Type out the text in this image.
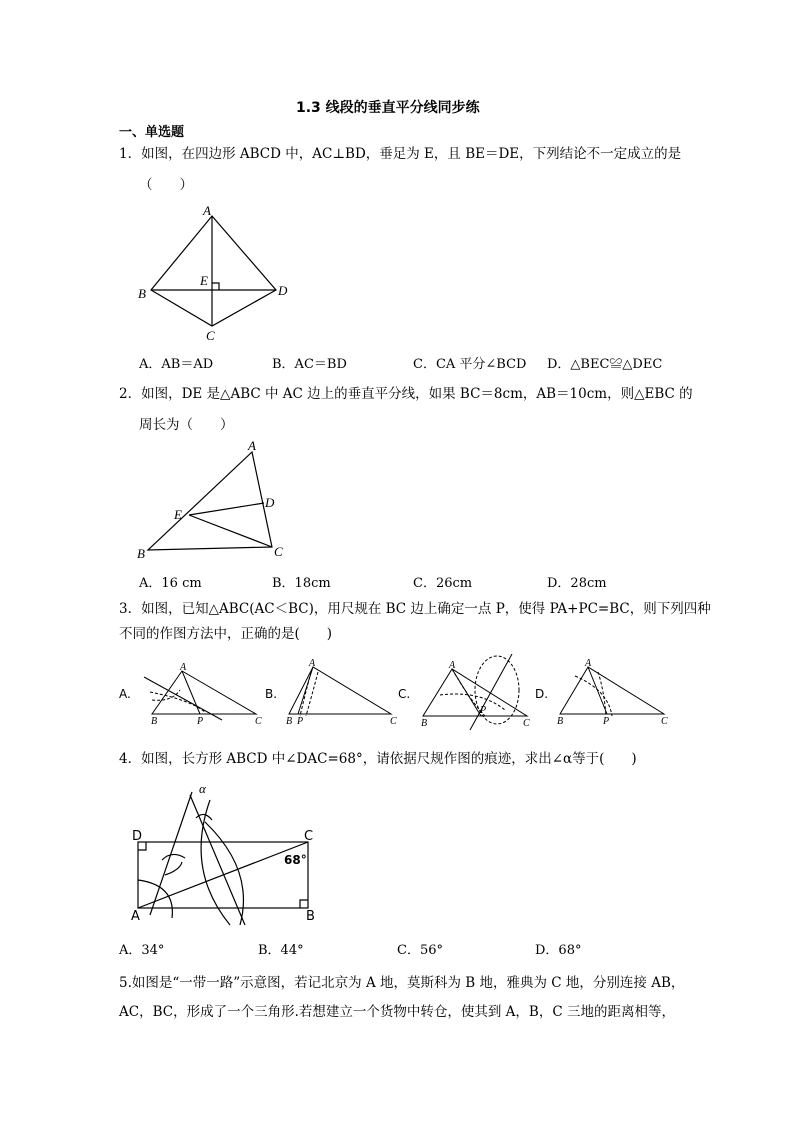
1.3 线段的垂直平分线同步练
一、单选题
1．如图，在四边形 ABCD 中，AC⊥BD，垂足为 E，且 BE＝DE，下列结论不一定成立的是
（　　）
A
B
C
D
E
A．AB＝AD	B．AC＝BD	C．CA 平分∠BCD D．△BEC≌△DEC
2．如图，DE 是△ABC 中 AC 边上的垂直平分线，如果 BC＝8cm，AB＝10cm，则△EBC 的
周长为（　　）
A
B	C
D
E
A．16 cm	B．18cm	C．26cm	D．28cm
3．如图，已知△ABC(AC＜BC)，用尺规在 BC 边上确定一点 P，使得 PA+PC=BC，则下列四种
不同的作图方法中，正确的是(　　)
A.	B.	C.	D.
A
B	P	C
A
B P	C
A
B
P
C
A
B	P	C
4．如图，长方形 ABCD 中∠DAC=68°，请依据尺规作图的痕迹，求出∠α等于(　　)
D	C
A	B
α
68°
A．34°	B．44°	C．56°	D．68°
5.如图是“一带一路”示意图，若记北京为 A 地，莫斯科为 B 地，雅典为 C 地，分别连接 AB，
AC，BC，形成了一个三角形.若想建立一个货物中转仓，使其到 A，B，C 三地的距离相等，
